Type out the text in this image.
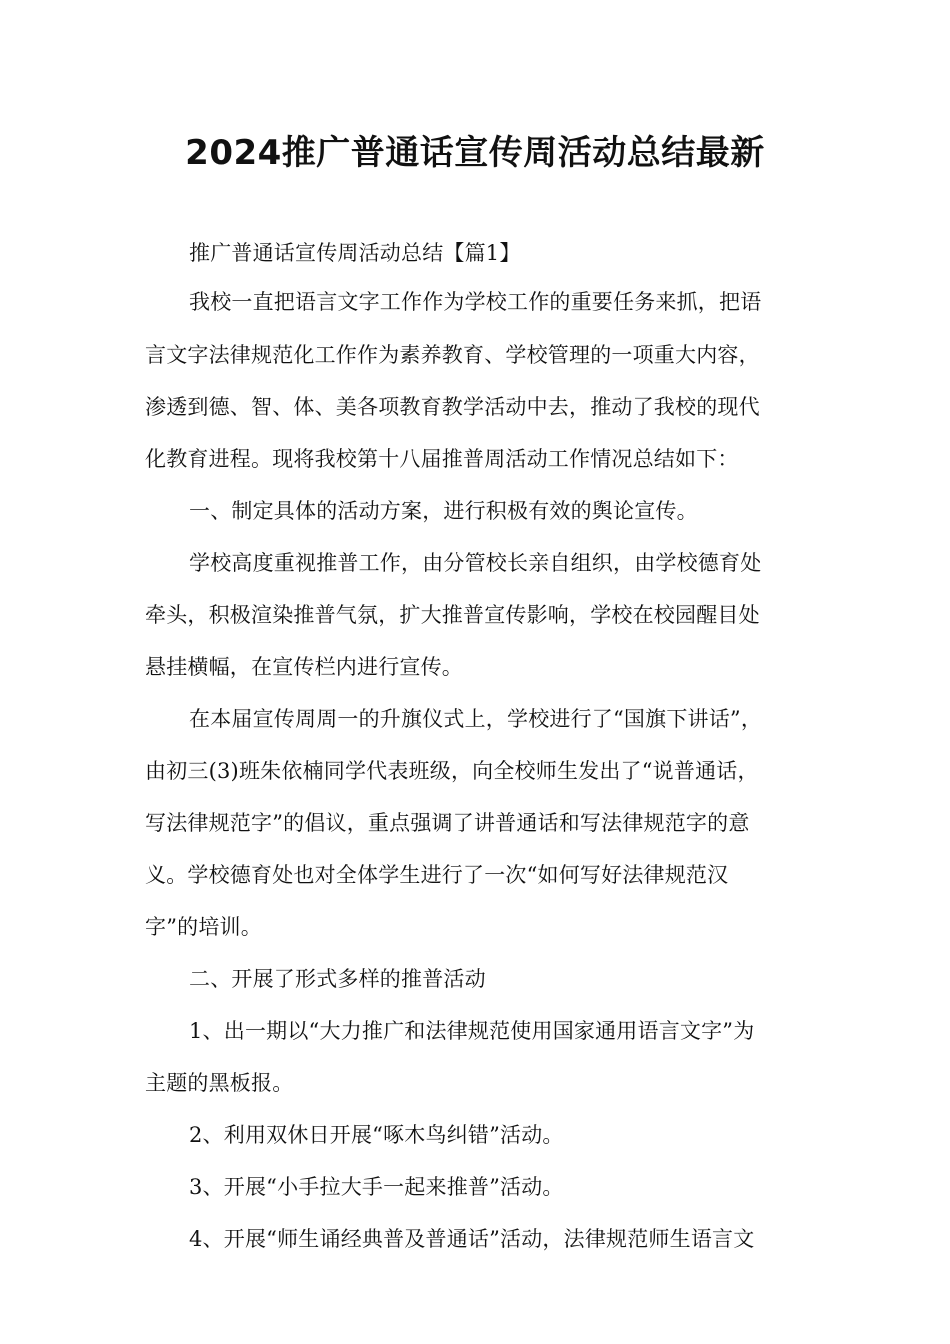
2024推广普通话宣传周活动总结最新
推广普通话宣传周活动总结【篇1】
我校一直把语言文字工作作为学校工作的重要任务来抓，把语
言文字法律规范化工作作为素养教育、学校管理的一项重大内容，
渗透到德、智、体、美各项教育教学活动中去，推动了我校的现代
化教育进程。现将我校第十八届推普周活动工作情况总结如下：
一、制定具体的活动方案，进行积极有效的舆论宣传。
学校高度重视推普工作，由分管校长亲自组织，由学校德育处
牵头，积极渲染推普气氛，扩大推普宣传影响，学校在校园醒目处
悬挂横幅，在宣传栏内进行宣传。
在本届宣传周周一的升旗仪式上，学校进行了“国旗下讲话”，
由初三(3)班朱依楠同学代表班级，向全校师生发出了“说普通话，
写法律规范字”的倡议，重点强调了讲普通话和写法律规范字的意
义。学校德育处也对全体学生进行了一次“如何写好法律规范汉
字”的培训。
二、开展了形式多样的推普活动
1、出一期以“大力推广和法律规范使用国家通用语言文字”为
主题的黑板报。
2、利用双休日开展“啄木鸟纠错”活动。
3、开展“小手拉大手一起来推普”活动。
4、开展“师生诵经典普及普通话”活动，法律规范师生语言文
